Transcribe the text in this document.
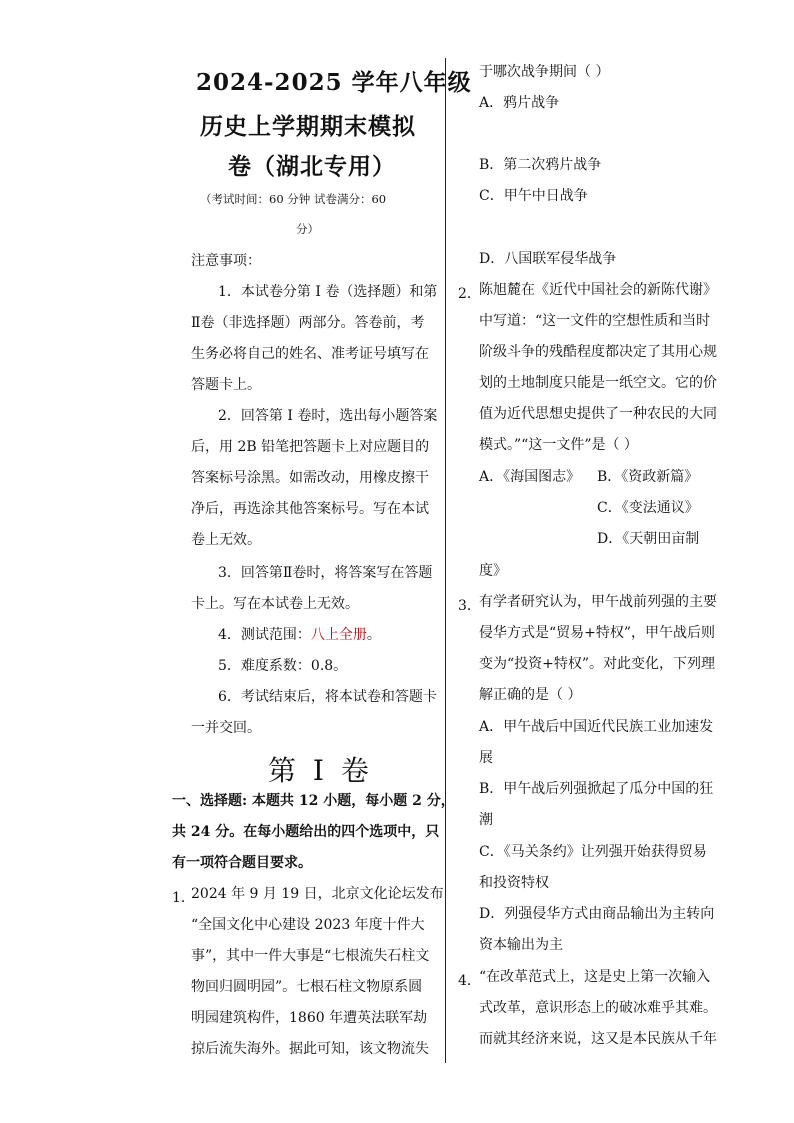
2024-2025 学年八年级
历史上学期期末模拟
卷（湖北专用）
（考试时间：60 分钟 试卷满分：60
分）
注意事项：
1．本试卷分第 I 卷（选择题）和第
Ⅱ卷（非选择题）两部分。答卷前，考
生务必将自己的姓名、准考证号填写在
答题卡上。
2．回答第 I 卷时，选出每小题答案
后，用 2B 铅笔把答题卡上对应题目的
答案标号涂黑。如需改动，用橡皮擦干
净后，再选涂其他答案标号。写在本试
卷上无效。
3．回答第Ⅱ卷时，将答案写在答题
卡上。写在本试卷上无效。
4．测试范围：八上全册。
5．难度系数：0.8。
6．考试结束后，将本试卷和答题卡
一并交回。
第 I 卷
一、选择题: 本题共 12 小题，每小题 2 分，
共 24 分。在每小题给出的四个选项中，只
有一项符合题目要求。
1．
2024 年 9 月 19 日，北京文化论坛发布
“全国文化中心建设 2023 年度十件大
事”，其中一件大事是“七根流失石柱文
物回归圆明园”。七根石柱文物原系圆
明园建筑构件，1860 年遭英法联军劫
掠后流失海外。据此可知，该文物流失
于哪次战争期间（ ）
A．鸦片战争
B．第二次鸦片战争
C．甲午中日战争
D．八国联军侵华战争
2．
陈旭麓在《近代中国社会的新陈代谢》
中写道：“这一文件的空想性质和当时
阶级斗争的残酷程度都决定了其用心规
划的土地制度只能是一纸空文。它的价
值为近代思想史提供了一种农民的大同
模式。”“这一文件”是（ ）
A．《海国图志》 B．《资政新篇》
C．《变法通议》
D．《天朝田亩制
度》
3．
有学者研究认为，甲午战前列强的主要
侵华方式是“贸易+特权”，甲午战后则
变为“投资+特权”。对此变化，下列理
解正确的是（ ）
A．甲午战后中国近代民族工业加速发
展
B．甲午战后列强掀起了瓜分中国的狂
潮
C．《马关条约》让列强开始获得贸易
和投资特权
D．列强侵华方式由商品输出为主转向
资本输出为主
4．
“在改革范式上，这是史上第一次输入
式改革，意识形态上的破冰难乎其难。
而就其经济来说，这又是本民族从千年
